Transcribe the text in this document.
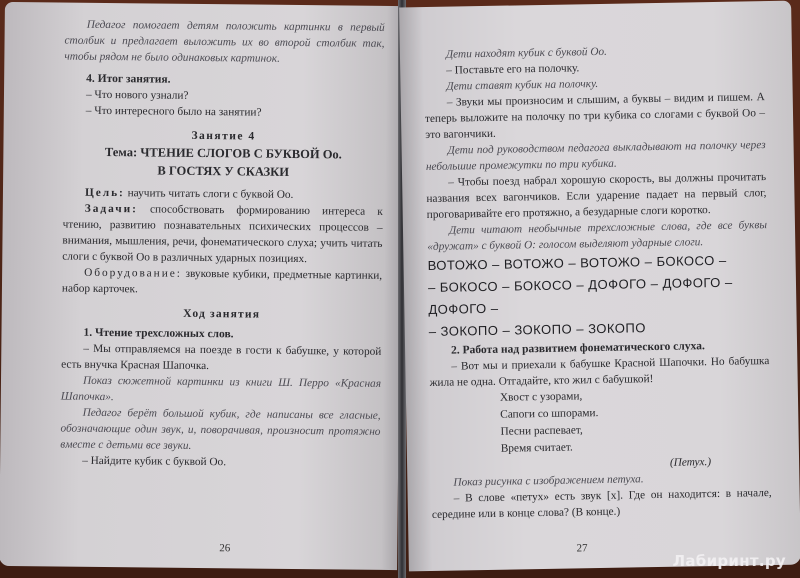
Педагог помогает детям положить картинки в первый столбик и предлагает выложить их во второй столбик так, чтобы рядом не было одинаковых картинок.

4. Итог занятия.

– Что нового узнали?

– Что интересного было на занятии?

Занятие 4

Тема: ЧТЕНИЕ СЛОГОВ С БУКВОЙ Оо.

В ГОСТЯХ У СКАЗКИ

Цель: научить читать слоги с буквой Оо.

Задачи: способствовать формированию интереса к чтению, развитию познавательных психических процессов – внимания, мышления, речи, фонематического слуха; учить читать слоги с буквой Оо в различных ударных позициях.

Оборудование: звуковые кубики, предметные картинки, набор карточек.

Ход занятия

1. Чтение трехсложных слов.

– Мы отправляемся на поезде в гости к бабушке, у которой есть внучка Красная Шапочка.

Показ сюжетной картинки из книги Ш. Перро «Красная Шапочка».

Педагог берёт большой кубик, где написаны все гласные, обозначающие один звук, и, поворачивая, произносит протяжно вместе с детьми все звуки.

– Найдите кубик с буквой Оо.

26

Дети находят кубик с буквой Оо.

– Поставьте его на полочку.

Дети ставят кубик на полочку.

– Звуки мы произносим и слышим, а буквы – видим и пишем. А теперь выложите на полочку по три кубика со слогами с буквой Оо – это вагончики.

Дети под руководством педагога выкладывают на полочку через небольшие промежутки по три кубика.

– Чтобы поезд набрал хорошую скорость, вы должны прочитать названия всех вагончиков. Если ударение падает на первый слог, проговаривайте его протяжно, а безударные слоги коротко.

Дети читают необычные трехсложные слова, где все буквы «дружат» с буквой О: голосом выделяют ударные слоги.

ВОТОЖО – ВОТОЖО – ВОТОЖО – БОКОСО –

– БОКОСО – БОКОСО – ДОФОГО – ДОФОГО – ДОФОГО –

– ЗОКОПО – ЗОКОПО – ЗОКОПО

2. Работа над развитием фонематического слуха.

– Вот мы и приехали к бабушке Красной Шапочки. Но бабушка жила не одна. Отгадайте, кто жил с бабушкой!

Хвост с узорами,

Сапоги со шпорами.

Песни распевает,

Время считает.

(Петух.)

Показ рисунка с изображением петуха.

– В слове «петух» есть звук [х]. Где он находится: в начале, середине или в конце слова? (В конце.)

27
Лабиринт.ру
